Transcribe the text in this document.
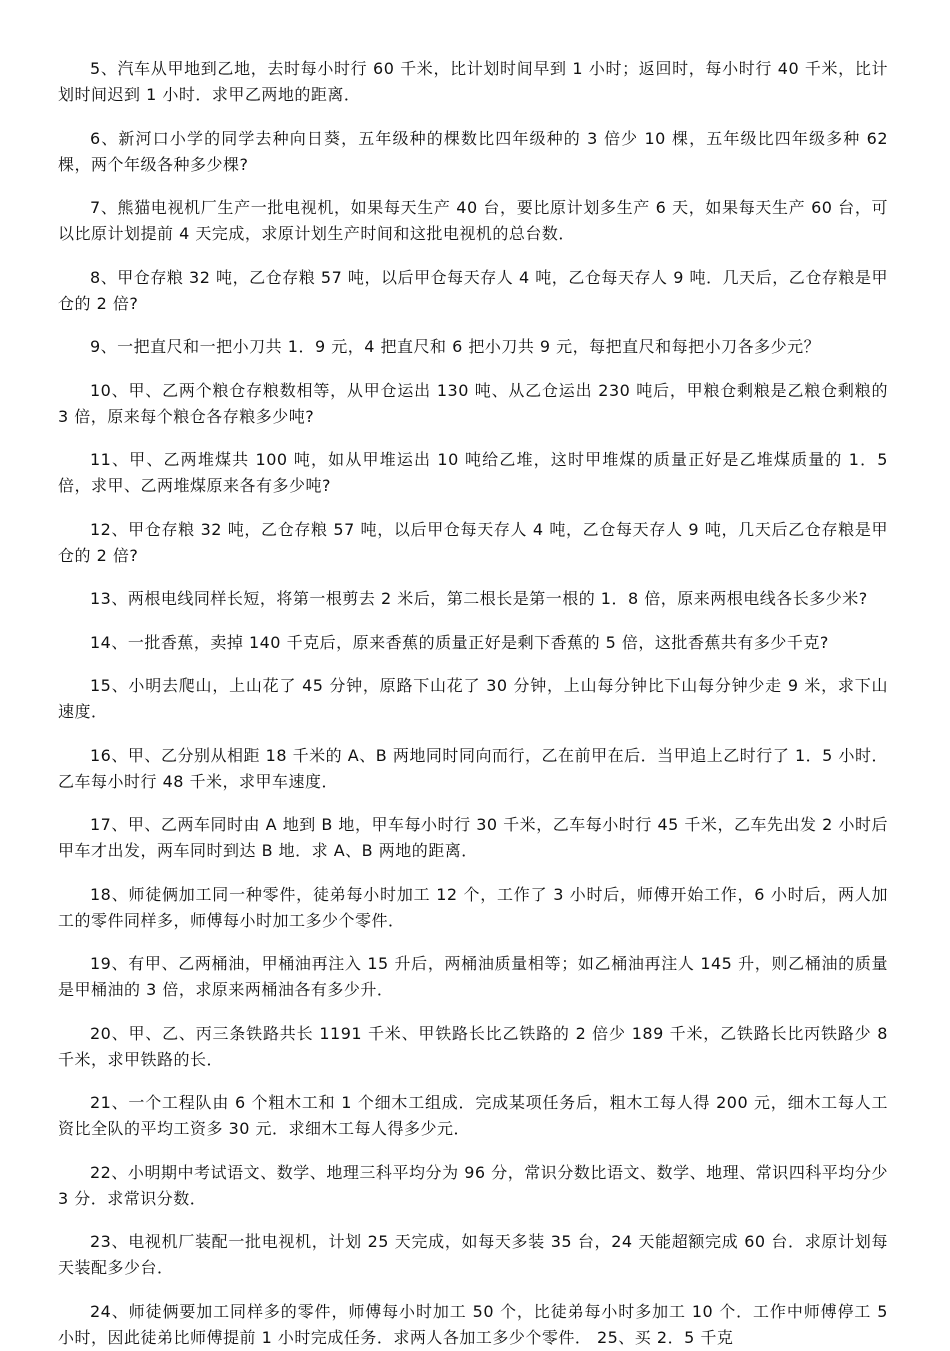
5、汽车从甲地到乙地，去时每小时行 60 千米，比计划时间早到 1 小时；返回时，每小时行 40 千米，比计划时间迟到 1 小时．求甲乙两地的距离．

6、新河口小学的同学去种向日葵，五年级种的棵数比四年级种的 3 倍少 10 棵，五年级比四年级多种 62 棵，两个年级各种多少棵?

7、熊猫电视机厂生产一批电视机，如果每天生产 40 台，要比原计划多生产 6 天，如果每天生产 60 台，可以比原计划提前 4 天完成，求原计划生产时间和这批电视机的总台数．

8、甲仓存粮 32 吨，乙仓存粮 57 吨，以后甲仓每天存人 4 吨，乙仓每天存人 9 吨．几天后，乙仓存粮是甲仓的 2 倍?

9、一把直尺和一把小刀共 1．9 元，4 把直尺和 6 把小刀共 9 元，每把直尺和每把小刀各多少元？

10、甲、乙两个粮仓存粮数相等，从甲仓运出 130 吨、从乙仓运出 230 吨后，甲粮仓剩粮是乙粮仓剩粮的 3 倍，原来每个粮仓各存粮多少吨?

11、甲、乙两堆煤共 100 吨，如从甲堆运出 10 吨给乙堆，这时甲堆煤的质量正好是乙堆煤质量的 1．5 倍，求甲、乙两堆煤原来各有多少吨?

12、甲仓存粮 32 吨，乙仓存粮 57 吨，以后甲仓每天存人 4 吨，乙仓每天存人 9 吨，几天后乙仓存粮是甲仓的 2 倍?

13、两根电线同样长短，将第一根剪去 2 米后，第二根长是第一根的 1．8 倍，原来两根电线各长多少米?

14、一批香蕉，卖掉 140 千克后，原来香蕉的质量正好是剩下香蕉的 5 倍，这批香蕉共有多少千克?

15、小明去爬山，上山花了 45 分钟，原路下山花了 30 分钟，上山每分钟比下山每分钟少走 9 米，求下山速度．

16、甲、乙分别从相距 18 千米的 A、B 两地同时同向而行，乙在前甲在后．当甲追上乙时行了 1．5 小时．乙车每小时行 48 千米，求甲车速度．

17、甲、乙两车同时由 A 地到 B 地，甲车每小时行 30 千米，乙车每小时行 45 千米，乙车先出发 2 小时后甲车才出发，两车同时到达 B 地．求 A、B 两地的距离．

18、师徒俩加工同一种零件，徒弟每小时加工 12 个，工作了 3 小时后，师傅开始工作，6 小时后，两人加工的零件同样多，师傅每小时加工多少个零件．

19、有甲、乙两桶油，甲桶油再注入 15 升后，两桶油质量相等；如乙桶油再注人 145 升，则乙桶油的质量是甲桶油的 3 倍，求原来两桶油各有多少升．

20、甲、乙、丙三条铁路共长 1191 千米、甲铁路长比乙铁路的 2 倍少 189 千米，乙铁路长比丙铁路少 8 千米，求甲铁路的长．

21、一个工程队由 6 个粗木工和 1 个细木工组成．完成某项任务后，粗木工每人得 200 元，细木工每人工资比全队的平均工资多 30 元．求细木工每人得多少元．

22、小明期中考试语文、数学、地理三科平均分为 96 分，常识分数比语文、数学、地理、常识四科平均分少 3 分．求常识分数．

23、电视机厂装配一批电视机，计划 25 天完成，如每天多装 35 台，24 天能超额完成 60 台．求原计划每天装配多少台．

24、师徒俩要加工同样多的零件，师傅每小时加工 50 个，比徒弟每小时多加工 10 个．工作中师傅停工 5 小时，因此徒弟比师傅提前 1 小时完成任务．求两人各加工多少个零件． 25、买 2．5 千克
